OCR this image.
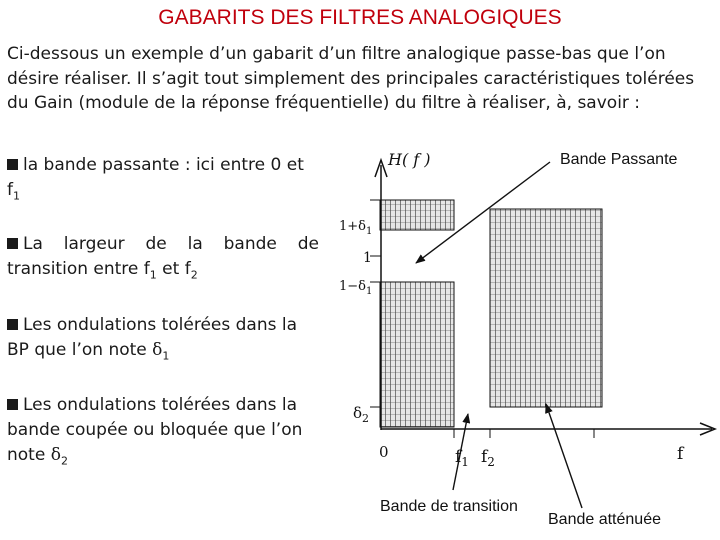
GABARITS DES FILTRES ANALOGIQUES
Ci-dessous un exemple d’un gabarit d’un filtre analogique passe-bas que l’on désire réaliser. Il s’agit tout simplement des principales caractéristiques tolérées du Gain (module de la réponse fréquentielle) du filtre à réaliser, à, savoir :
la bande passante : ici entre 0 et
$f_1$
La largeur de la bande de
transition entre $f_1$ et $f_2$
Les ondulations tolérées dans la
BP que l’on note $\delta_1$
Les ondulations tolérées dans la
bande coupée ou bloquée que l’on
note $\delta_2$
H( f )
$1+\delta_1$
1
$1-\delta_1$
$\delta_2$
0	$f_1$ $f_2$	f
Bande Passante
Bande de transition
Bande atténuée
